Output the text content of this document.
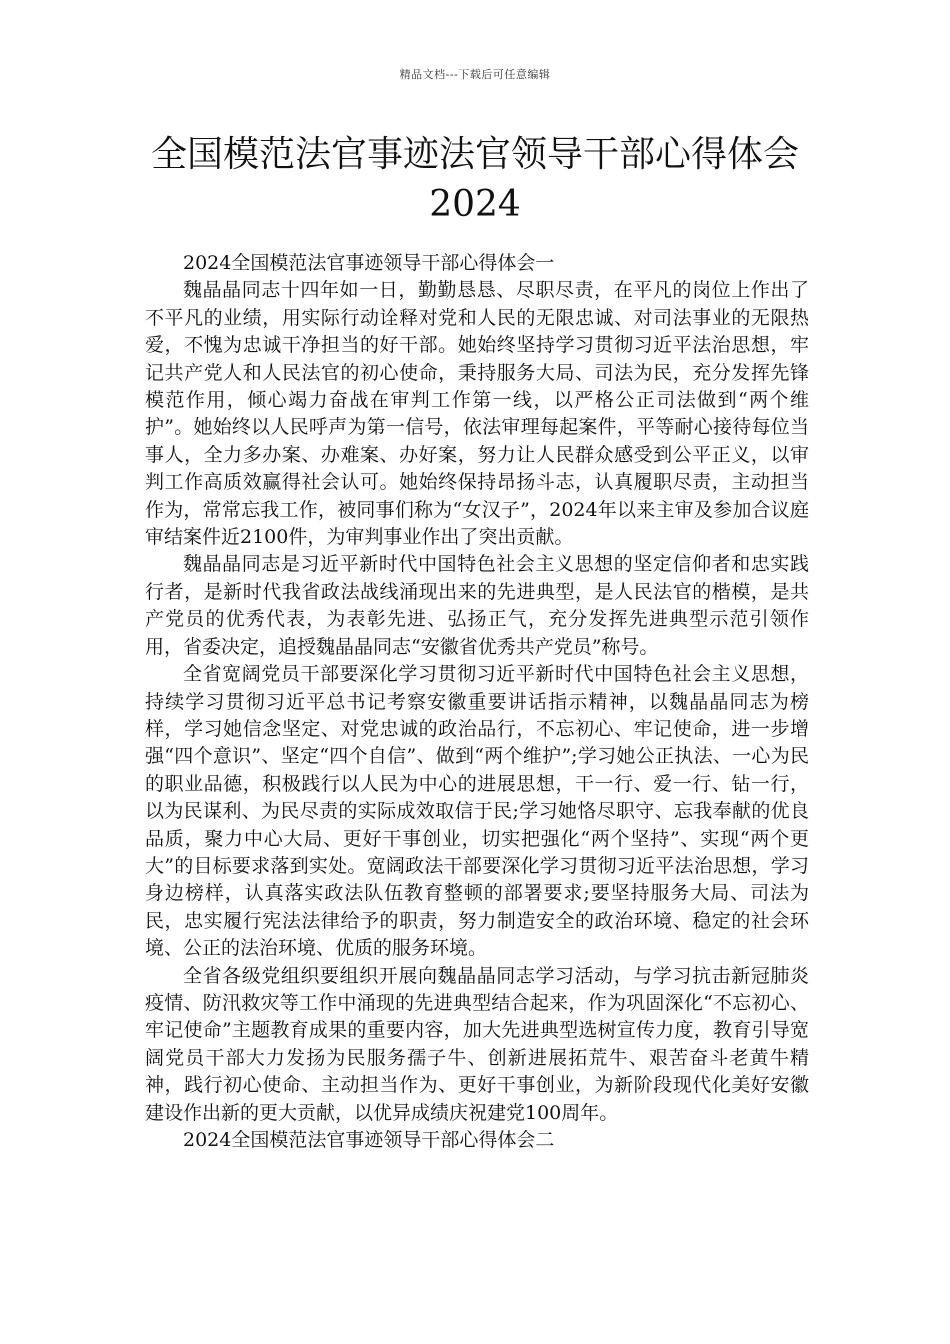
精品文档---下载后可任意编辑
全国模范法官事迹法官领导干部心得体会
2024

2024全国模范法官事迹领导干部心得体会一

魏晶晶同志十四年如一日，勤勤恳恳、尽职尽责，在平凡的岗位上作出了不平凡的业绩，用实际行动诠释对党和人民的无限忠诚、对司法事业的无限热爱，不愧为忠诚干净担当的好干部。她始终坚持学习贯彻习近平法治思想，牢记共产党人和人民法官的初心使命，秉持服务大局、司法为民，充分发挥先锋模范作用，倾心竭力奋战在审判工作第一线，以严格公正司法做到“两个维护”。她始终以人民呼声为第一信号，依法审理每起案件，平等耐心接待每位当事人，全力多办案、办难案、办好案，努力让人民群众感受到公平正义，以审判工作高质效赢得社会认可。她始终保持昂扬斗志，认真履职尽责，主动担当作为，常常忘我工作，被同事们称为“女汉子”，2024年以来主审及参加合议庭审结案件近2100件，为审判事业作出了突出贡献。

魏晶晶同志是习近平新时代中国特色社会主义思想的坚定信仰者和忠实践行者，是新时代我省政法战线涌现出来的先进典型，是人民法官的楷模，是共产党员的优秀代表，为表彰先进、弘扬正气，充分发挥先进典型示范引领作用，省委决定，追授魏晶晶同志“安徽省优秀共产党员”称号。

全省宽阔党员干部要深化学习贯彻习近平新时代中国特色社会主义思想，持续学习贯彻习近平总书记考察安徽重要讲话指示精神，以魏晶晶同志为榜样，学习她信念坚定、对党忠诚的政治品行，不忘初心、牢记使命，进一步增强“四个意识”、坚定“四个自信”、做到“两个维护”;学习她公正执法、一心为民的职业品德，积极践行以人民为中心的进展思想，干一行、爱一行、钻一行，以为民谋利、为民尽责的实际成效取信于民;学习她恪尽职守、忘我奉献的优良品质，聚力中心大局、更好干事创业，切实把强化“两个坚持”、实现“两个更大”的目标要求落到实处。宽阔政法干部要深化学习贯彻习近平法治思想，学习身边榜样，认真落实政法队伍教育整顿的部署要求;要坚持服务大局、司法为民，忠实履行宪法法律给予的职责，努力制造安全的政治环境、稳定的社会环境、公正的法治环境、优质的服务环境。

全省各级党组织要组织开展向魏晶晶同志学习活动，与学习抗击新冠肺炎疫情、防汛救灾等工作中涌现的先进典型结合起来，作为巩固深化“不忘初心、牢记使命”主题教育成果的重要内容，加大先进典型选树宣传力度，教育引导宽阔党员干部大力发扬为民服务孺子牛、创新进展拓荒牛、艰苦奋斗老黄牛精神，践行初心使命、主动担当作为、更好干事创业，为新阶段现代化美好安徽建设作出新的更大贡献，以优异成绩庆祝建党100周年。

2024全国模范法官事迹领导干部心得体会二
